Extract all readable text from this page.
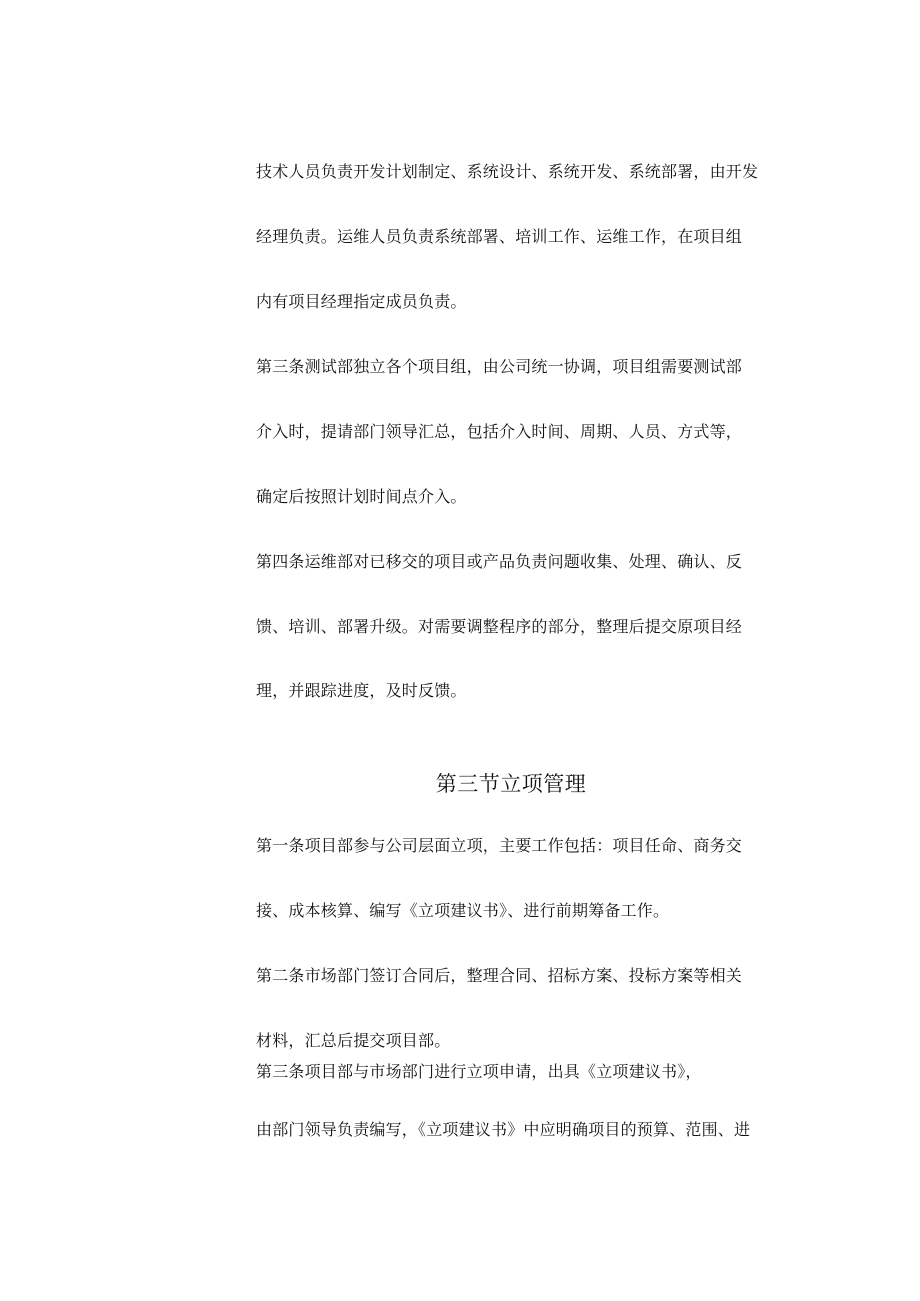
技术人员负责开发计划制定、系统设计、系统开发、系统部署，由开发
经理负责。运维人员负责系统部署、培训工作、运维工作，在项目组
内有项目经理指定成员负责。
第三条测试部独立各个项目组，由公司统一协调，项目组需要测试部
介入时，提请部门领导汇总，包括介入时间、周期、人员、方式等，
确定后按照计划时间点介入。
第四条运维部对已移交的项目或产品负责问题收集、处理、确认、反
馈、培训、部署升级。对需要调整程序的部分，整理后提交原项目经
理，并跟踪进度，及时反馈。
第三节立项管理
第一条项目部参与公司层面立项，主要工作包括：项目任命、商务交
接、成本核算、编写《立项建议书》、进行前期筹备工作。
第二条市场部门签订合同后，整理合同、招标方案、投标方案等相关
材料，汇总后提交项目部。
第三条项目部与市场部门进行立项申请，出具《立项建议书》，
由部门领导负责编写，《立项建议书》中应明确项目的预算、范围、进
